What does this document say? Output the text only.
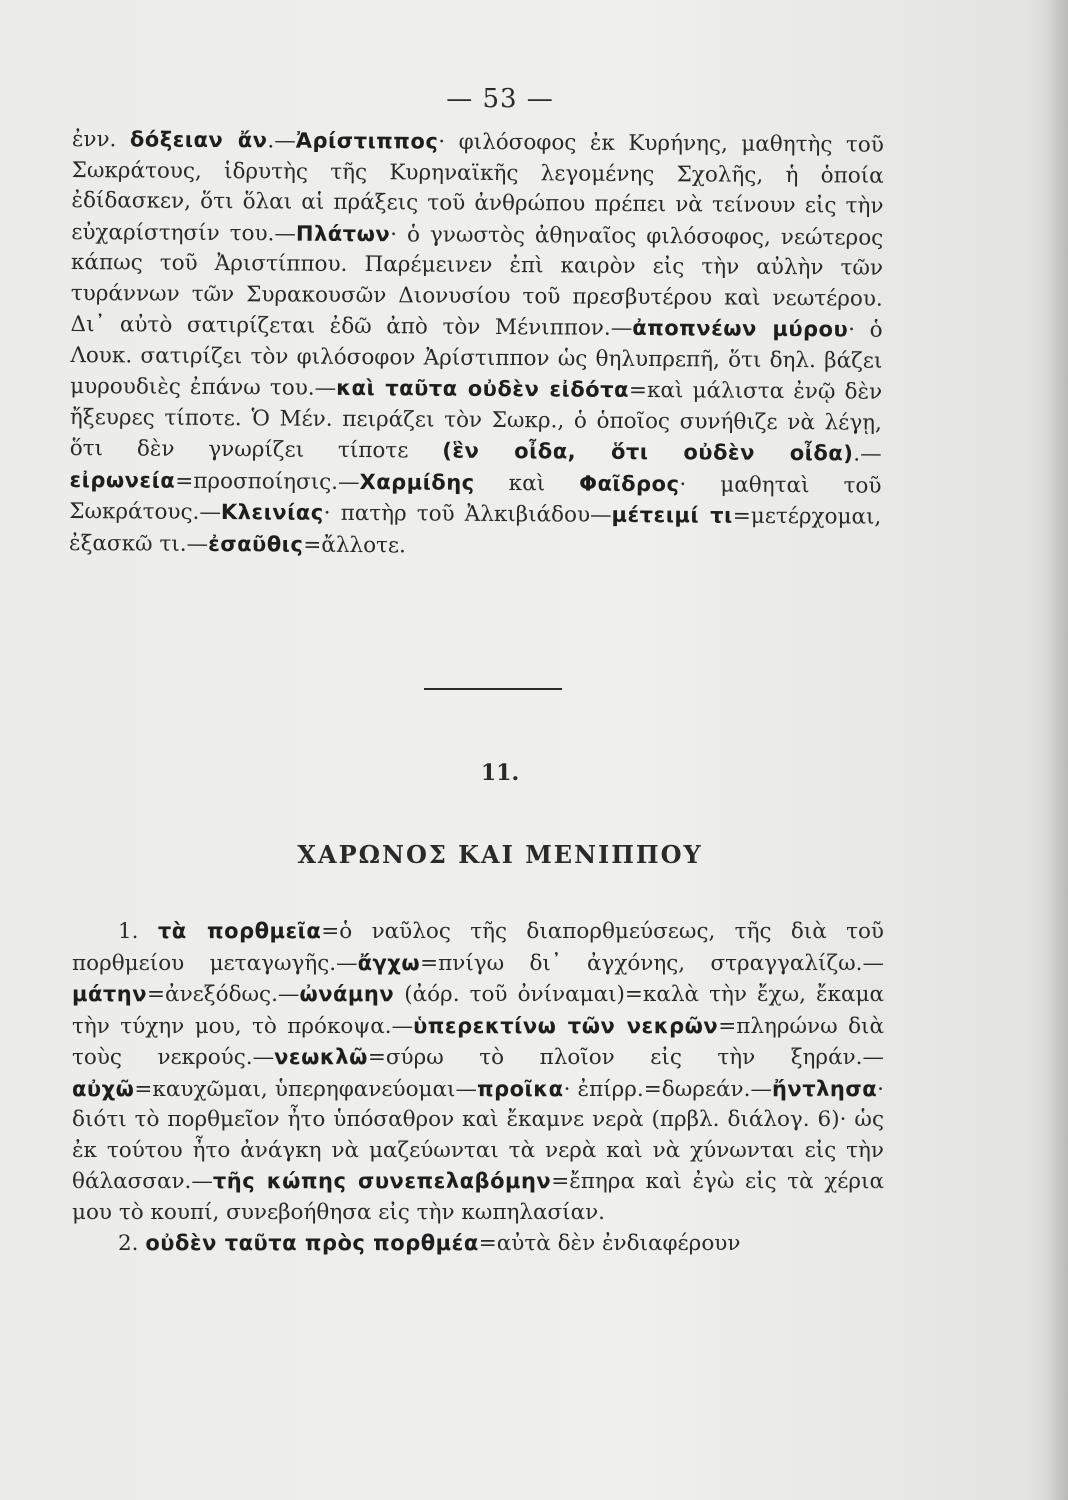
— 53 —

ἐνν. δόξειαν ἄν.—Ἀρίστιππος· φιλόσοφος ἐκ Κυρήνης, μαθητὴς τοῦ Σωκράτους, ἱδρυτὴς τῆς Κυρηναϊκῆς λεγομένης Σχολῆς, ἡ ὁποία ἐδίδασκεν, ὅτι ὅλαι αἱ πράξεις τοῦ ἀνθρώπου πρέπει νὰ τείνουν εἰς τὴν εὐχαρίστησίν του.—Πλάτων· ὁ γνωστὸς ἀθηναῖος φιλόσοφος, νεώτερος κάπως τοῦ Ἀριστίππου. Παρέμεινεν ἐπὶ καιρὸν εἰς τὴν αὐλὴν τῶν τυράννων τῶν Συρακουσῶν Διονυσίου τοῦ πρεσβυτέρου καὶ νεωτέρου. Δι᾽ αὐτὸ σατιρίζεται ἐδῶ ἀπὸ τὸν Μένιππον.—ἀποπνέων μύρου· ὁ Λουκ. σατιρίζει τὸν φιλόσοφον Ἀρίστιππον ὡς θηλυπρεπῆ, ὅτι δηλ. βάζει μυρουδιὲς ἐπάνω του.—καὶ ταῦτα οὐδὲν εἰδότα=καὶ μάλιστα ἐνῷ δὲν ἤξευρες τίποτε. Ὁ Μέν. πειράζει τὸν Σωκρ., ὁ ὁποῖος συνήθιζε νὰ λέγῃ, ὅτι δὲν γνωρίζει τίποτε (ἓν οἶδα, ὅτι οὐδὲν οἶδα).—εἰρωνεία=προσποίησις.—Χαρμίδης καὶ Φαῖδρος· μαθηταὶ τοῦ Σωκράτους.—Κλεινίας· πατὴρ τοῦ Ἀλκιβιάδου—μέτειμί τι=μετέρχομαι, ἐξασκῶ τι.—ἐσαῦθις=ἄλλοτε.

11.
ΧΑΡΩΝΟΣ ΚΑΙ ΜΕΝΙΠΠΟΥ

1. τὰ πορθμεῖα=ὁ ναῦλος τῆς διαπορθμεύσεως, τῆς διὰ τοῦ πορθμείου μεταγωγῆς.—ἄγχω=πνίγω δι᾽ ἀγχόνης, στραγγαλίζω.—μάτην=ἀνεξόδως.—ὠνάμην (ἀόρ. τοῦ ὀνίναμαι)=καλὰ τὴν ἔχω, ἔκαμα τὴν τύχην μου, τὸ πρόκοψα.—ὑπερεκτίνω τῶν νεκρῶν=πληρώνω διὰ τοὺς νεκρούς.—νεωκλῶ=σύρω τὸ πλοῖον εἰς τὴν ξηράν.—αὐχῶ=καυχῶμαι, ὑπερηφανεύομαι—προῖκα· ἐπίρρ.=δωρεάν.—ἤντλησα· διότι τὸ πορθμεῖον ἦτο ὑπόσαθρον καὶ ἔκαμνε νερὰ (πρβλ. διάλογ. 6)· ὡς ἐκ τούτου ἦτο ἀνάγκη νὰ μαζεύωνται τὰ νερὰ καὶ νὰ χύνωνται εἰς τὴν θάλασσαν.—τῆς κώπης συνεπελαβόμην=ἔπηρα καὶ ἐγὼ εἰς τὰ χέρια μου τὸ κουπί, συνεβοήθησα εἰς τὴν κωπηλασίαν.

2. οὐδὲν ταῦτα πρὸς πορθμέα=αὐτὰ δὲν ἐνδιαφέρουν
